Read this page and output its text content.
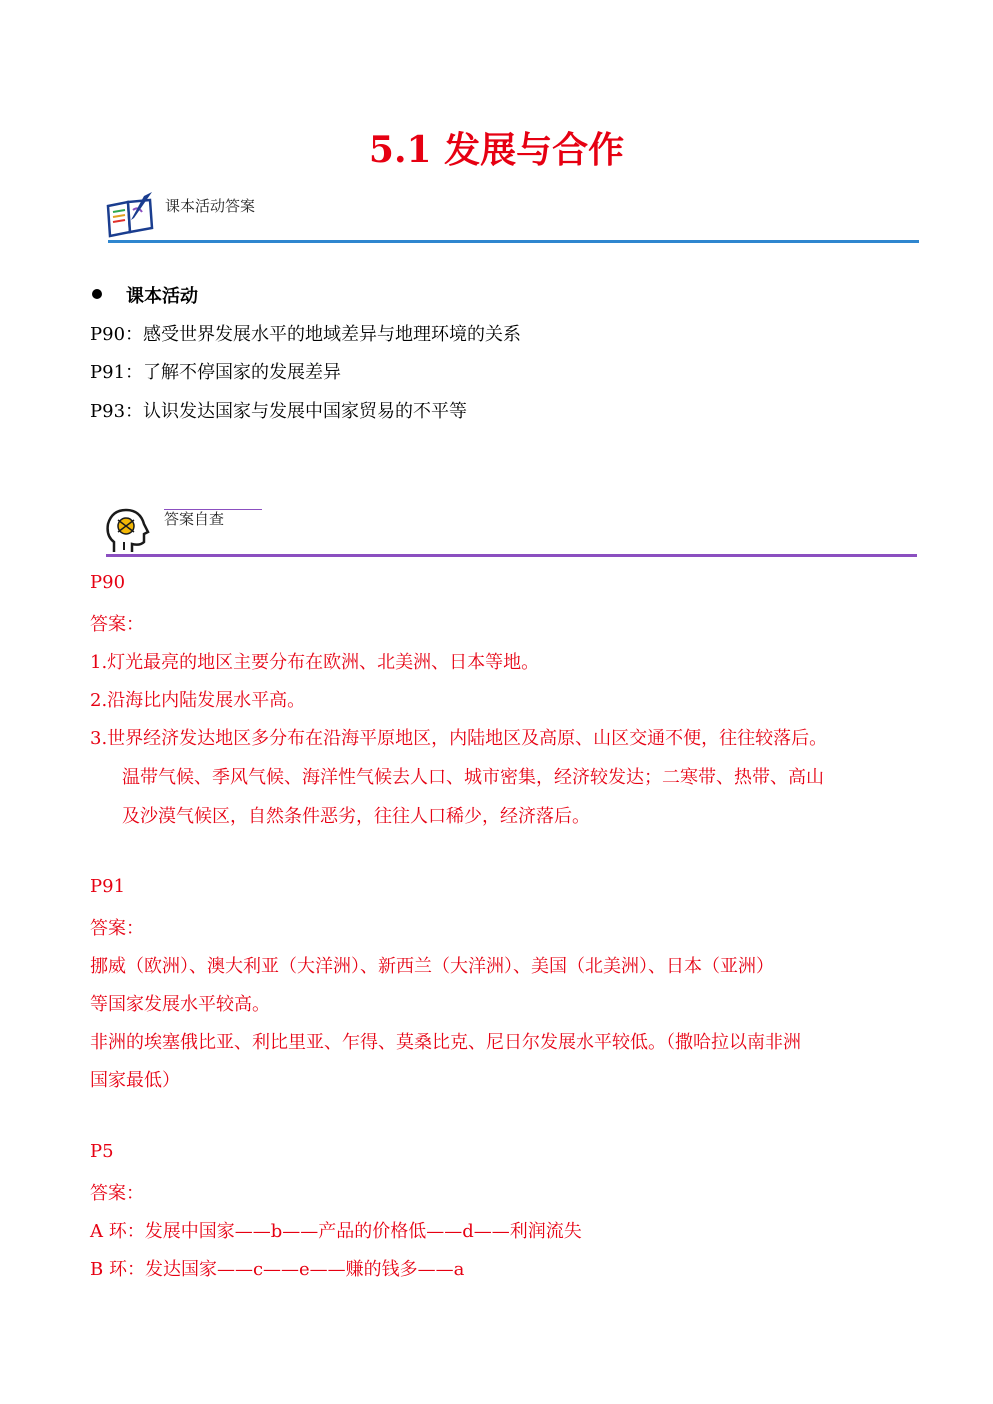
5.1 发展与合作
课本活动答案
课本活动
P90：感受世界发展水平的地域差异与地理环境的关系
P91：了解不停国家的发展差异
P93：认识发达国家与发展中国家贸易的不平等
答案自查
P90
答案：
1.灯光最亮的地区主要分布在欧洲、北美洲、日本等地。
2.沿海比内陆发展水平高。
3.世界经济发达地区多分布在沿海平原地区，内陆地区及高原、山区交通不便，往往较落后。
温带气候、季风气候、海洋性气候去人口、城市密集，经济较发达；二寒带、热带、高山
及沙漠气候区，自然条件恶劣，往往人口稀少，经济落后。
P91
答案：
挪威（欧洲）、澳大利亚（大洋洲）、新西兰（大洋洲）、美国（北美洲）、日本（亚洲）
等国家发展水平较高。
非洲的埃塞俄比亚、利比里亚、乍得、莫桑比克、尼日尔发展水平较低。（撒哈拉以南非洲
国家最低）
P5
答案：
A 环：发展中国家——b——产品的价格低——d——利润流失
B 环：发达国家——c——e——赚的钱多——a
